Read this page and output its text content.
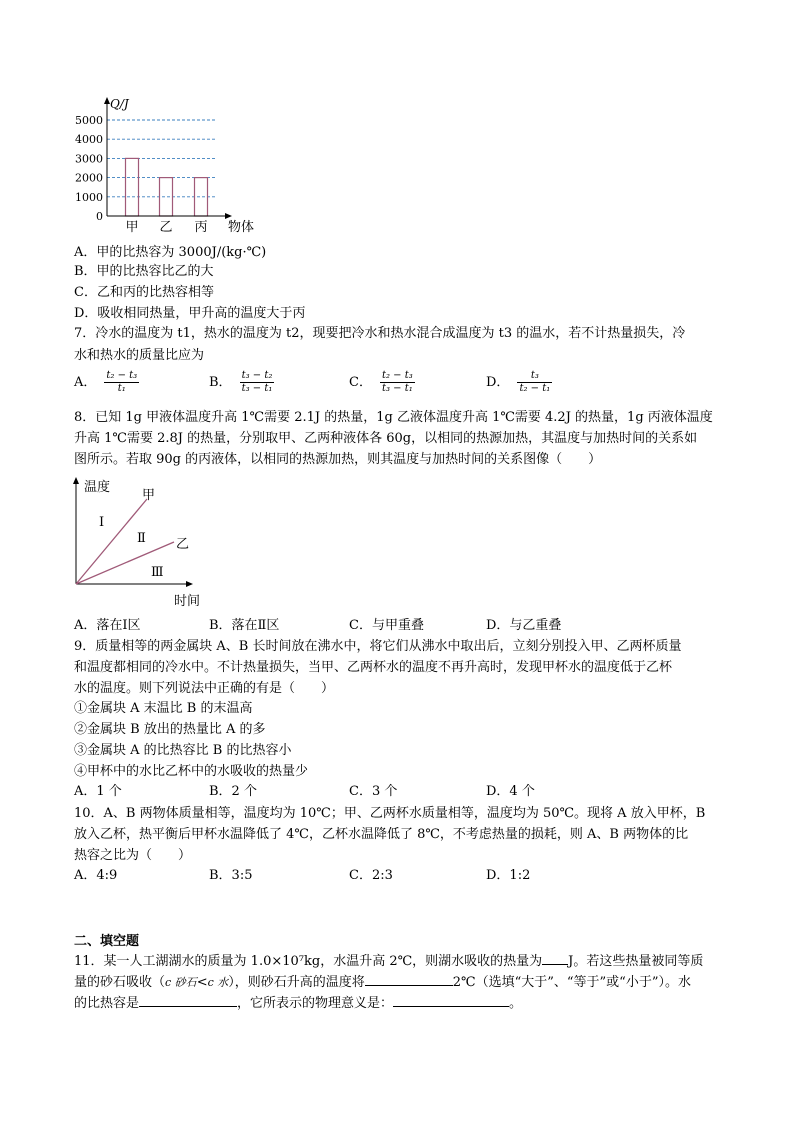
0
1000
2000
3000
4000
5000
甲 乙 丙
Q/J
物体
A．甲的比热容为 3000J/(kg·℃)
B．甲的比热容比乙的大
C．乙和丙的比热容相等
D．吸收相同热量，甲升高的温度大于丙
7．冷水的温度为 t1，热水的温度为 t2，现要把冷水和热水混合成温度为 t3 的温水，若不计热量损失，冷
水和热水的质量比应为
A． $\frac{\text{t₂ − t₃}}{\text{t₁}}$	B． $\frac{\text{t₃ − t₂}}{\text{t₃ − t₁}}$	C． $\frac{\text{t₂ − t₃}}{\text{t₃ − t₁}}$	D． $\frac{\text{t₃}}{\text{t₂ − t₁}}$
8．已知 1g 甲液体温度升高 1℃需要 2.1J 的热量，1g 乙液体温度升高 1℃需要 4.2J 的热量，1g 丙液体温度
升高 1℃需要 2.8J 的热量，分别取甲、乙两种液体各 60g，以相同的热源加热，其温度与加热时间的关系如
图所示。若取 90g 的丙液体，以相同的热源加热，则其温度与加热时间的关系图像（　　）
温度
时间
甲
乙
Ⅰ
Ⅱ
Ⅲ
A．落在Ⅰ区	B．落在Ⅱ区	C．与甲重叠	D．与乙重叠
9．质量相等的两金属块 A、B 长时间放在沸水中，将它们从沸水中取出后，立刻分别投入甲、乙两杯质量
和温度都相同的冷水中。不计热量损失，当甲、乙两杯水的温度不再升高时，发现甲杯水的温度低于乙杯
水的温度。则下列说法中正确的有是（　　）
①金属块 A 末温比 B 的末温高
②金属块 B 放出的热量比 A 的多
③金属块 A 的比热容比 B 的比热容小
④甲杯中的水比乙杯中的水吸收的热量少
A．1 个	B．2 个	C．3 个	D．4 个
10．A、B 两物体质量相等，温度均为 10℃；甲、乙两杯水质量相等，温度均为 50℃。现将 A 放入甲杯，B
放入乙杯，热平衡后甲杯水温降低了 4℃，乙杯水温降低了 8℃，不考虑热量的损耗，则 A、B 两物体的比
热容之比为（　　）
A．4:9	B．3:5	C．2:3	D．1:2
二、填空题
11．某一人工湖湖水的质量为 1.0×10⁷kg，水温升高 2℃，则湖水吸收的热量为 J。若这些热量被同等质
量的砂石吸收（c 砂石<c 水），则砂石升高的温度将	2℃（选填“大于”、“等于”或“小于”）。水
的比热容是	，它所表示的物理意义是：	。
